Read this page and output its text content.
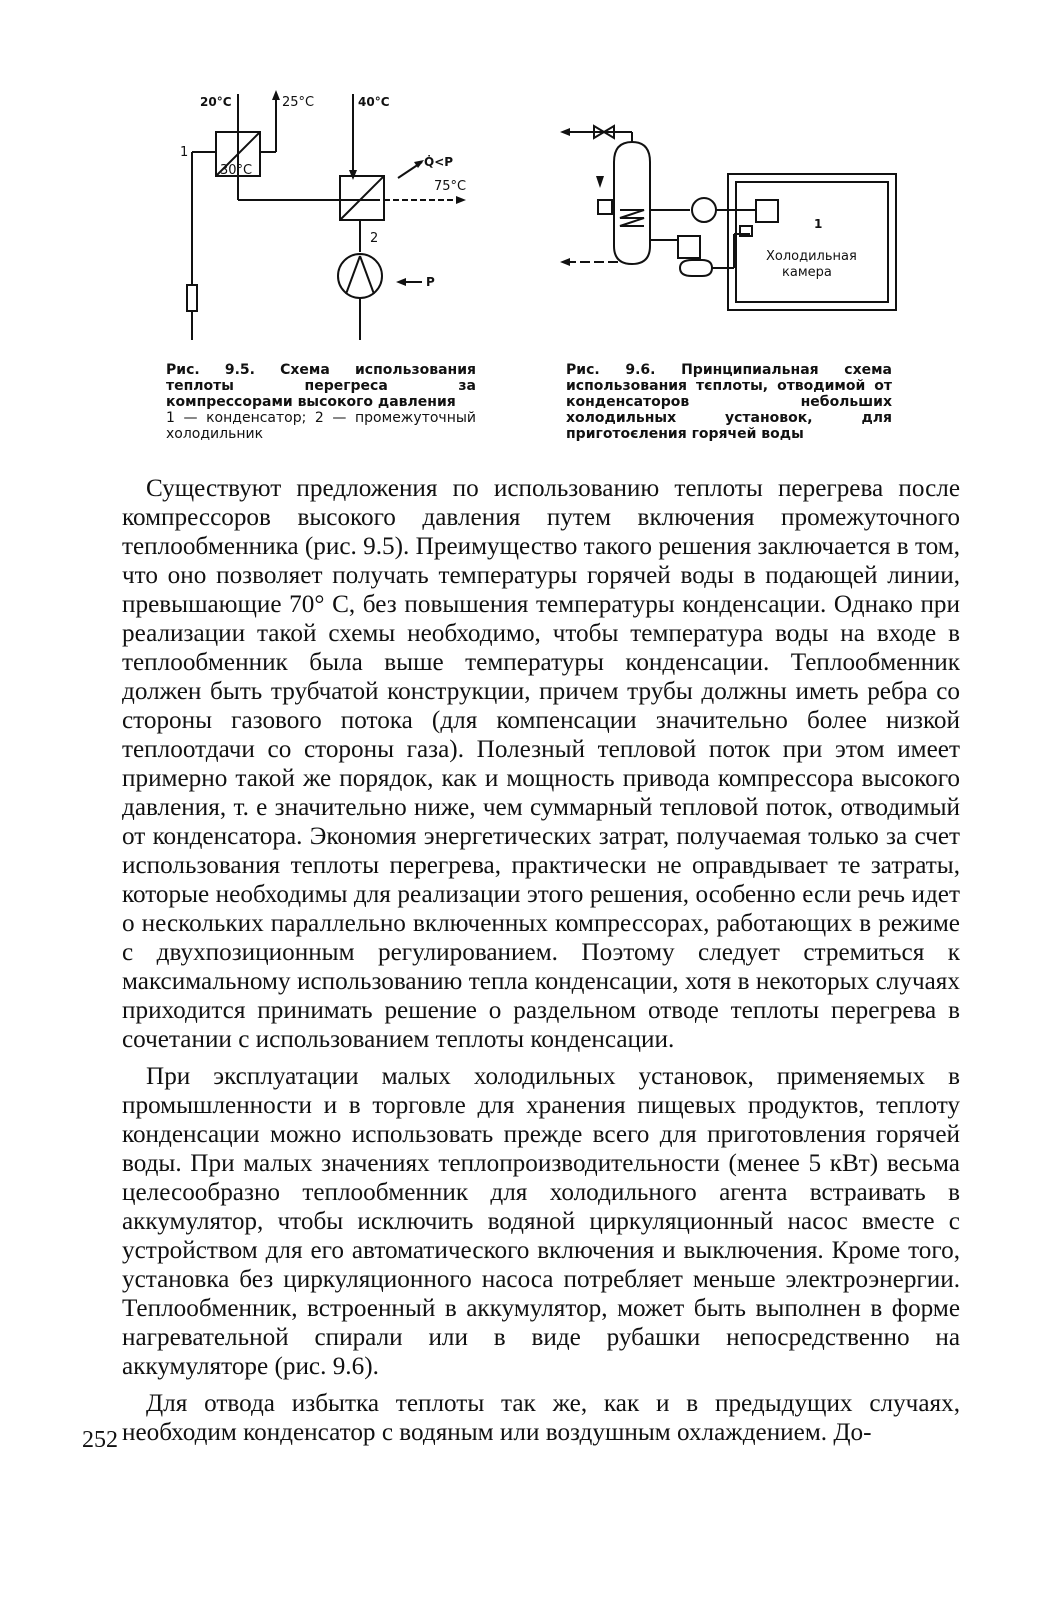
20°C	25°C	40°C
30°C
Q̇<P
75°C
P
1
2

Рис. 9.5. Схема использования теплоты перегреса за компрессорами высокого давления

1 — конденсатор; 2 — промежуточный холодильник

1
Холодильная
камера

Рис. 9.6. Принципиальная схема использования тєплоты, отводимой от конденсаторов небольших холодильных установок, для приготоєления горячей воды

Существуют предложения по использованию теплоты перегрева после компрессоров высокого давления путем включения промежуточного теплообменника (рис. 9.5). Преимущество такого решения заключается в том, что оно позволяет получать температуры горячей воды в подающей линии, превышающие 70° С, без повышения температуры конденсации. Однако при реализации такой схемы необходимо, чтобы температура воды на входе в теплообменник была выше температуры конденсации. Теплообменник должен быть трубчатой конструкции, причем трубы должны иметь ребра со стороны газового потока (для компенсации значительно более низкой теплоотдачи со стороны газа). Полезный тепловой поток при этом имеет примерно такой же порядок, как и мощность привода компрессора высокого давления, т. е значительно ниже, чем суммарный тепловой поток, отводимый от конденсатора. Экономия энергетических затрат, получаемая только за счет использования теплоты перегрева, практически не оправдывает те затраты, которые необходимы для реализации этого решения, особенно если речь идет о нескольких параллельно включенных компрессорах, работающих в режиме с двухпозиционным регулированием. Поэтому следует стремиться к максимальному использованию тепла конденсации, хотя в некоторых случаях приходится принимать решение о раздельном отводе теплоты перегрева в сочетании с использованием теплоты конденсации.

При эксплуатации малых холодильных установок, применяемых в промышленности и в торговле для хранения пищевых продуктов, теплоту конденсации можно использовать прежде всего для приготовления горячей воды. При малых значениях теплопроизводительности (менее 5 кВт) весьма целесообразно теплообменник для холодильного агента встраивать в аккумулятор, чтобы исключить водяной циркуляционный насос вместе с устройством для его автоматического включения и выключения. Кроме того, установка без циркуляционного насоса потребляет меньше электроэнергии. Теплообменник, встроенный в аккумулятор, может быть выполнен в форме нагревательной спирали или в виде рубашки непосредственно на аккумуляторе (рис. 9.6).

Для отвода избытка теплоты так же, как и в предыдущих случаях, необходим конденсатор с водяным или воздушным охлаждением. До-

252
